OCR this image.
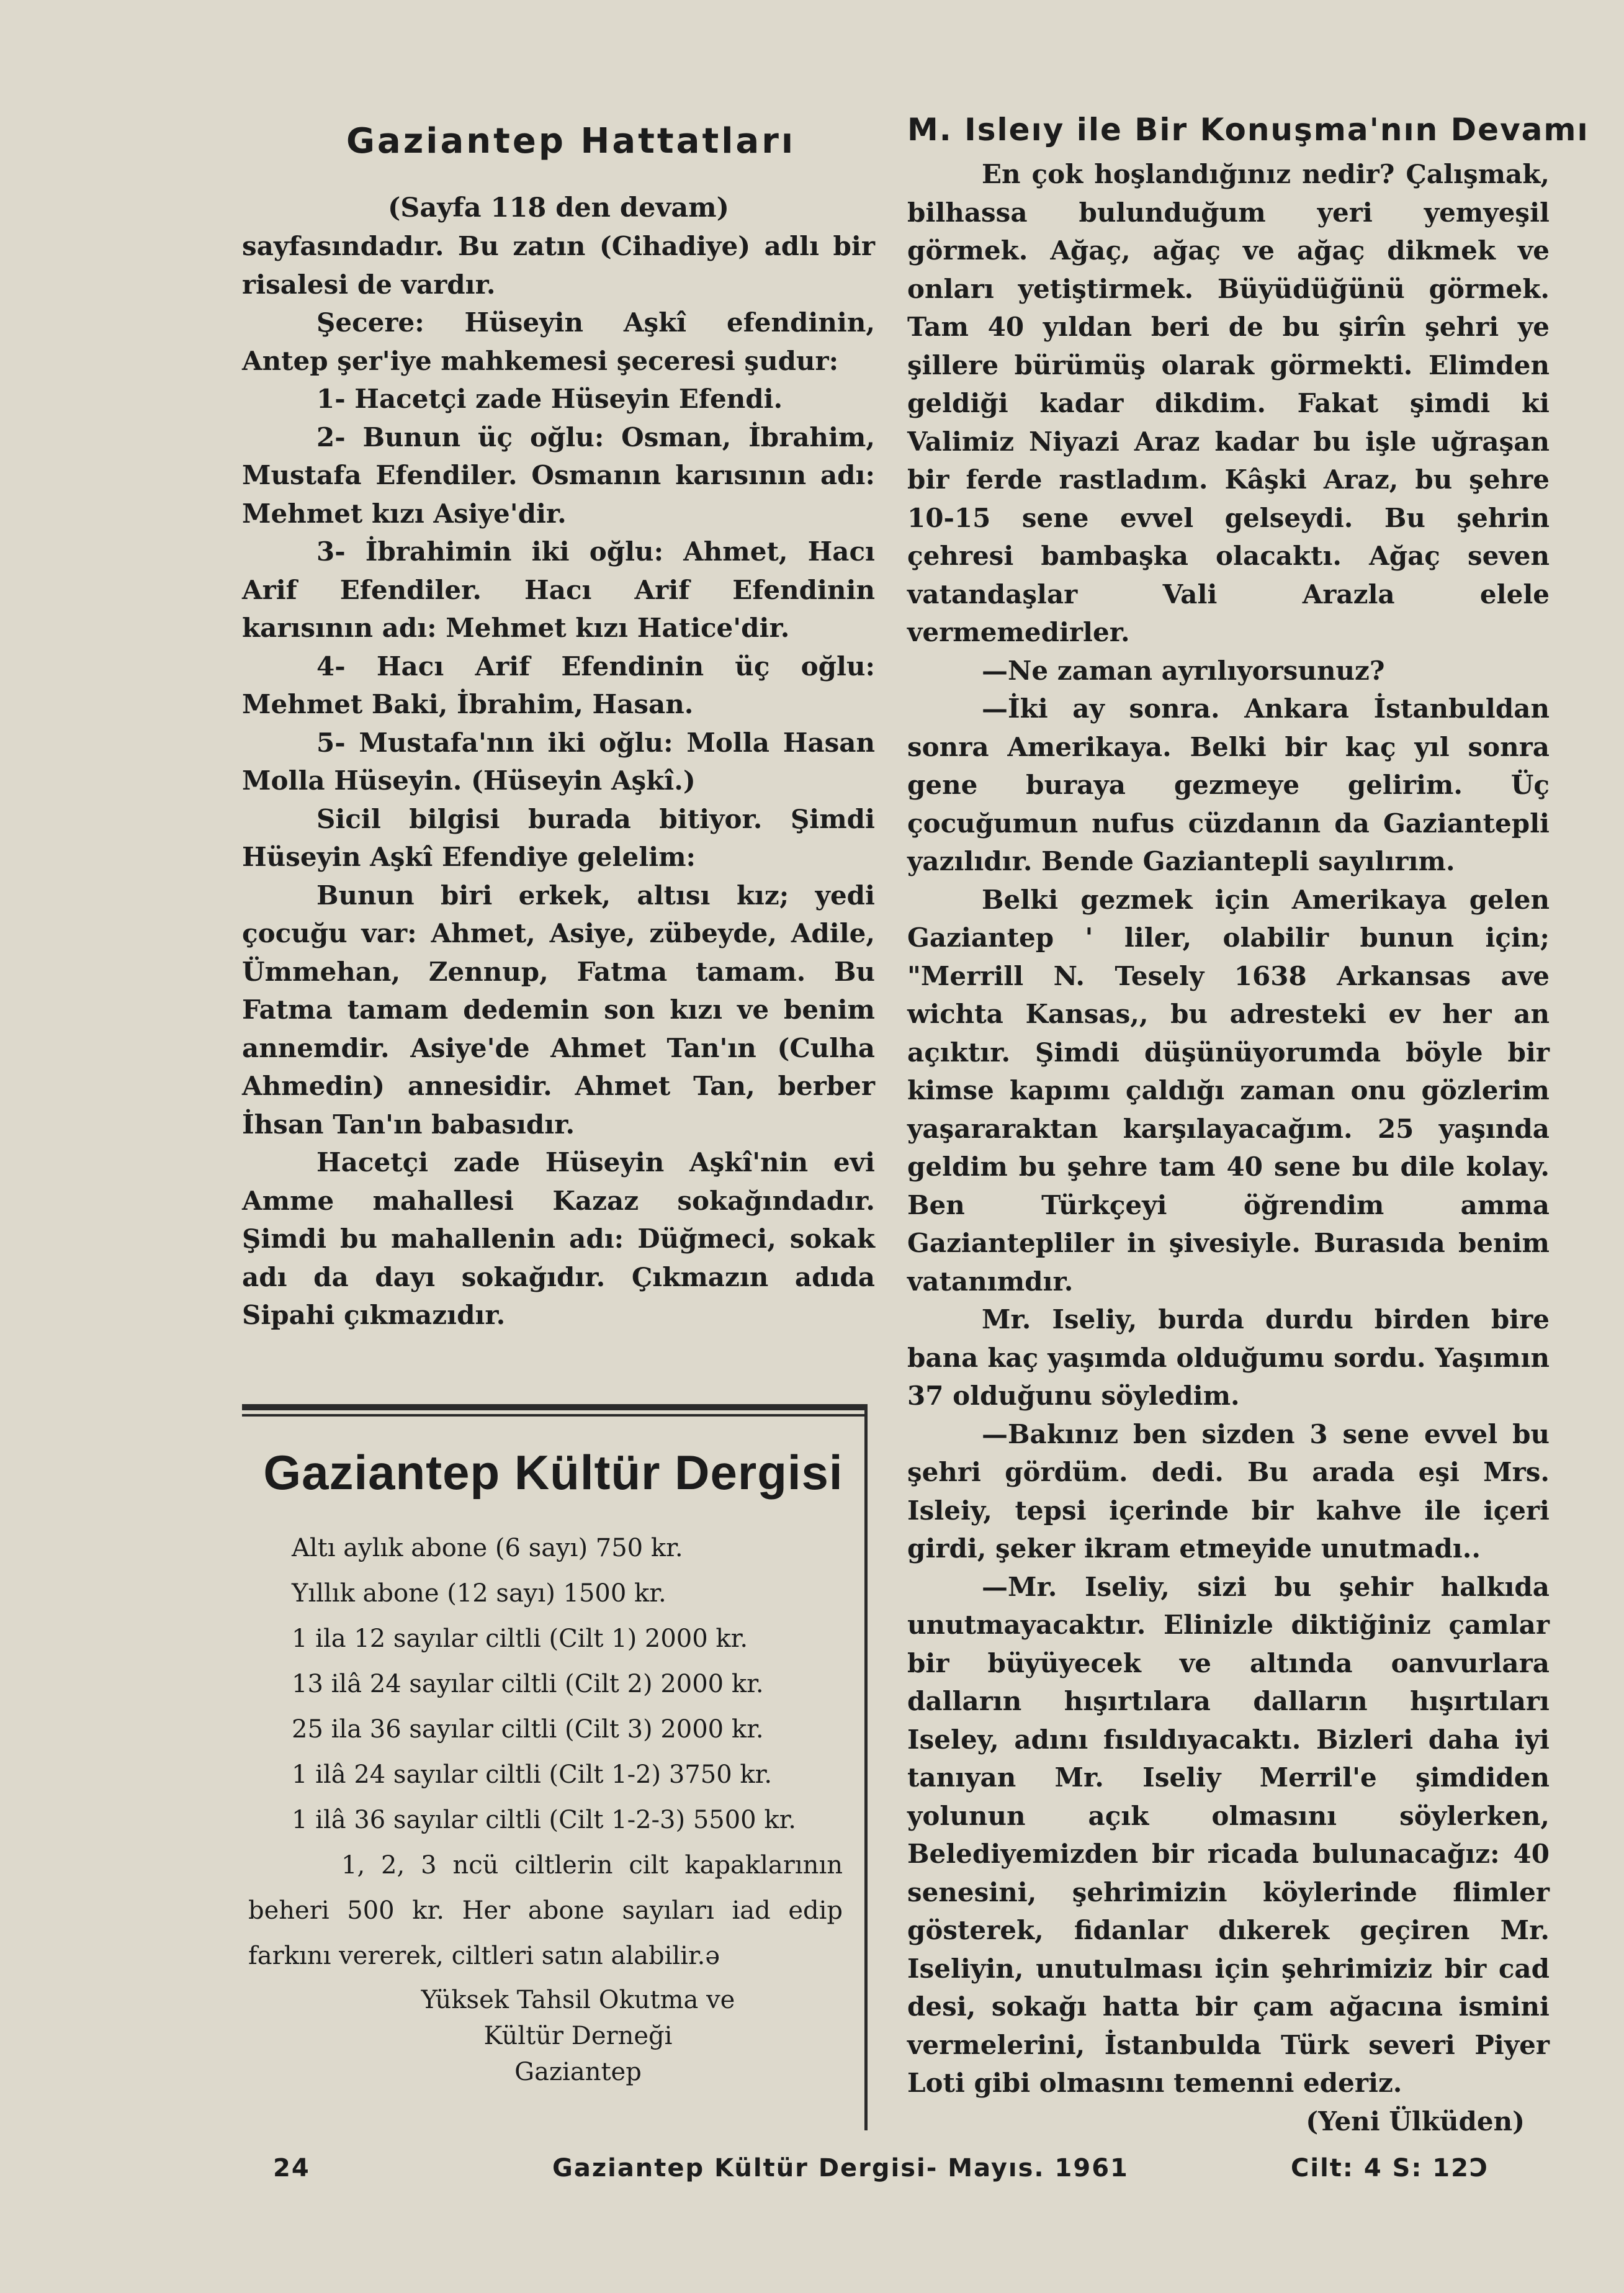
Gaziantep Hattatları
(Sayfa 118 den devam)

sayfasındadır. Bu zatın (Cihadiye) adlı bir risalesi de vardır.

Şecere: Hüseyin Aşkî efendinin, Antep şer'iye mahkemesi şeceresi şudur:

1- Hacetçi zade Hüseyin Efendi.

2- Bunun üç oğlu: Osman, İbrahim, Mustafa Efendiler. Osmanın karısının adı: Mehmet kızı Asiye'dir.

3- İbrahimin iki oğlu: Ahmet, Hacı Arif Efendiler. Hacı Arif Efendinin karısının adı: Mehmet kızı Hatice'dir.

4- Hacı Arif Efendinin üç oğlu: Mehmet Baki, İbrahim, Hasan.

5- Mustafa'nın iki oğlu: Molla Hasan Molla Hüseyin. (Hüseyin Aşkî.)

Sicil bilgisi burada bitiyor. Şimdi Hüseyin Aşkî Efendiye gelelim:

Bunun biri erkek, altısı kız; yedi çocuğu var: Ahmet, Asiye, zübeyde, Adile, Ümmehan, Zennup, Fatma tamam. Bu Fatma tamam dedemin son kızı ve benim annemdir. Asiye'de Ahmet Tan'ın (Culha Ahmedin) annesidir. Ahmet Tan, berber İhsan Tan'ın babasıdır.

Hacetçi zade Hüseyin Aşkî'nin evi Amme mahallesi Kazaz sokağındadır. Şimdi bu mahallenin adı: Düğmeci, sokak adı da dayı sokağıdır. Çıkmazın adıda Sipahi çıkmazıdır.

Gaziantep Kültür Dergisi
Altı aylık abone (6 sayı) 750 kr.
Yıllık abone (12 sayı) 1500 kr.
1 ila 12 sayılar ciltli (Cilt 1) 2000 kr.
13 ilâ 24 sayılar ciltli (Cilt 2) 2000 kr.
25 ila 36 sayılar ciltli (Cilt 3) 2000 kr.
1 ilâ 24 sayılar ciltli (Cilt 1-2) 3750 kr.
1 ilâ 36 sayılar ciltli (Cilt 1-2-3) 5500 kr.

1, 2, 3 ncü ciltlerin cilt kapaklarının beheri 500 kr. Her abone sayıları iad edip farkını vererek, ciltleri satın alabilir.ə

Yüksek Tahsil Okutma ve
Kültür Derneği
Gaziantep
M. Isleıy ile Bir Konuşma'nın Devamı

En çok hoşlandığınız nedir? Çalışmak, bilhassa bulunduğum yeri yemyeşil görmek. Ağaç, ağaç ve ağaç dikmek ve onları yetiştirmek. Büyüdüğünü görmek. Tam 40 yıldan beri de bu şirîn şehri ye şillere bürümüş olarak görmekti. Elimden geldiği kadar dikdim. Fakat şimdi ki Valimiz Niyazi Araz kadar bu işle uğraşan bir ferde rastladım. Kâşki Araz, bu şehre 10-15 sene evvel gelseydi. Bu şehrin çehresi bambaşka olacaktı. Ağaç seven vatandaşlar Vali Arazla elele vermemedirler.

—Ne zaman ayrılıyorsunuz?

—İki ay sonra. Ankara İstanbuldan sonra Amerikaya. Belki bir kaç yıl sonra gene buraya gezmeye gelirim. Üç çocuğumun nufus cüzdanın da Gazianteрli yazılıdır. Bende Gaziantepli sayılırım.

Belki gezmek için Amerikaya gelen Gaziantep ' liler, olabilir bunun için; "Merrill N. Tesely 1638 Arkansas ave wichta Kansas,, bu adresteki ev her an açıktır. Şimdi düşünüyorumda böyle bir kimse kapımı çaldığı zaman onu gözlerim yaşararaktan karşılayacağım. 25 yaşında geldim bu şehre tam 40 sene bu dile kolay. Ben Türkçeyi öğrendim amma Gaziantepliler in şivesiyle. Burasıda benim vatanımdır.

Mr. Iseliy, burda durdu birden bire bana kaç yaşımda olduğumu sordu. Yaşımın 37 olduğunu söyledim.

—Bakınız ben sizden 3 sene evvel bu şehri gördüm. dedi. Bu arada eşi Mrs. Isleiy, tepsi içerinde bir kahve ile içeri girdi, şeker ikram etmeyide unutmadı..

—Mr. Iseliy, sizi bu şehir halkıda unutmayacaktır. Elinizle diktiğiniz çamlar bir büyüyecek ve altında oanvurlara dalların hışırtılara dalların hışırtıları Iseley, adını fısıldıyacaktı. Bizleri daha iyi tanıyan Mr. Iseliy Merril'e şimdiden yolunun açık olmasını söylerken, Belediyemizden bir ricada bulunacağız: 40 senesini, şehrimizin köylerinde flimler gösterek, fidanlar dıkerek geçiren Mr. Iseliyin, unutulması için şehrimiziz bir cad desi, sokağı hatta bir çam ağacına ismini vermelerini, İstanbulda Türk severi Piyer Loti gibi olmasını temenni ederiz.

(Yeni Ülküden)

24	Gaziantep Kültür Dergisi- Mayıs. 1961	Cilt: 4 S: 12Ɔ
